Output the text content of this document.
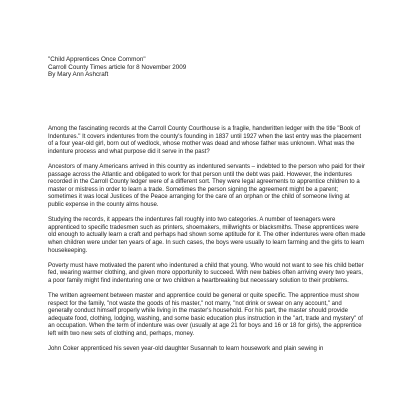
"Child Apprentices Once Common"
Carroll County Times article for 8 November 2009
By Mary Ann Ashcraft

Among the fascinating records at the Carroll County Courthouse is a fragile, handwritten ledger with the title "Book of Indentures." It covers indentures from the county's founding in 1837 until 1927 when the last entry was the placement of a four year-old girl, born out of wedlock, whose mother was dead and whose father was unknown. What was the indenture process and what purpose did it serve in the past?

Ancestors of many Americans arrived in this country as indentured servants – indebted to the person who paid for their passage across the Atlantic and obligated to work for that person until the debt was paid. However, the indentures recorded in the Carroll County ledger were of a different sort. They were legal agreements to apprentice children to a master or mistress in order to learn a trade. Sometimes the person signing the agreement might be a parent; sometimes it was local Justices of the Peace arranging for the care of an orphan or the child of someone living at public expense in the county alms house.

Studying the records, it appears the indentures fall roughly into two categories. A number of teenagers were apprenticed to specific tradesmen such as printers, shoemakers, millwrights or blacksmiths. These apprentices were old enough to actually learn a craft and perhaps had shown some aptitude for it. The other indentures were often made when children were under ten years of age. In such cases, the boys were usually to learn farming and the girls to learn housekeeping.

Poverty must have motivated the parent who indentured a child that young. Who would not want to see his child better fed, wearing warmer clothing, and given more opportunity to succeed. With new babies often arriving every two years, a poor family might find indenturing one or two children a heartbreaking but necessary solution to their problems.

The written agreement between master and apprentice could be general or quite specific. The apprentice must show respect for the family, "not waste the goods of his master," not marry, "not drink or swear on any account," and generally conduct himself properly while living in the master's household. For his part, the master should provide adequate food, clothing, lodging, washing, and some basic education plus instruction in the "art, trade and mystery" of an occupation. When the term of indenture was over (usually at age 21 for boys and 16 or 18 for girls), the apprentice left with two new sets of clothing and, perhaps, money.

John Coker apprenticed his seven year-old daughter Susannah to learn housework and plain sewing in
